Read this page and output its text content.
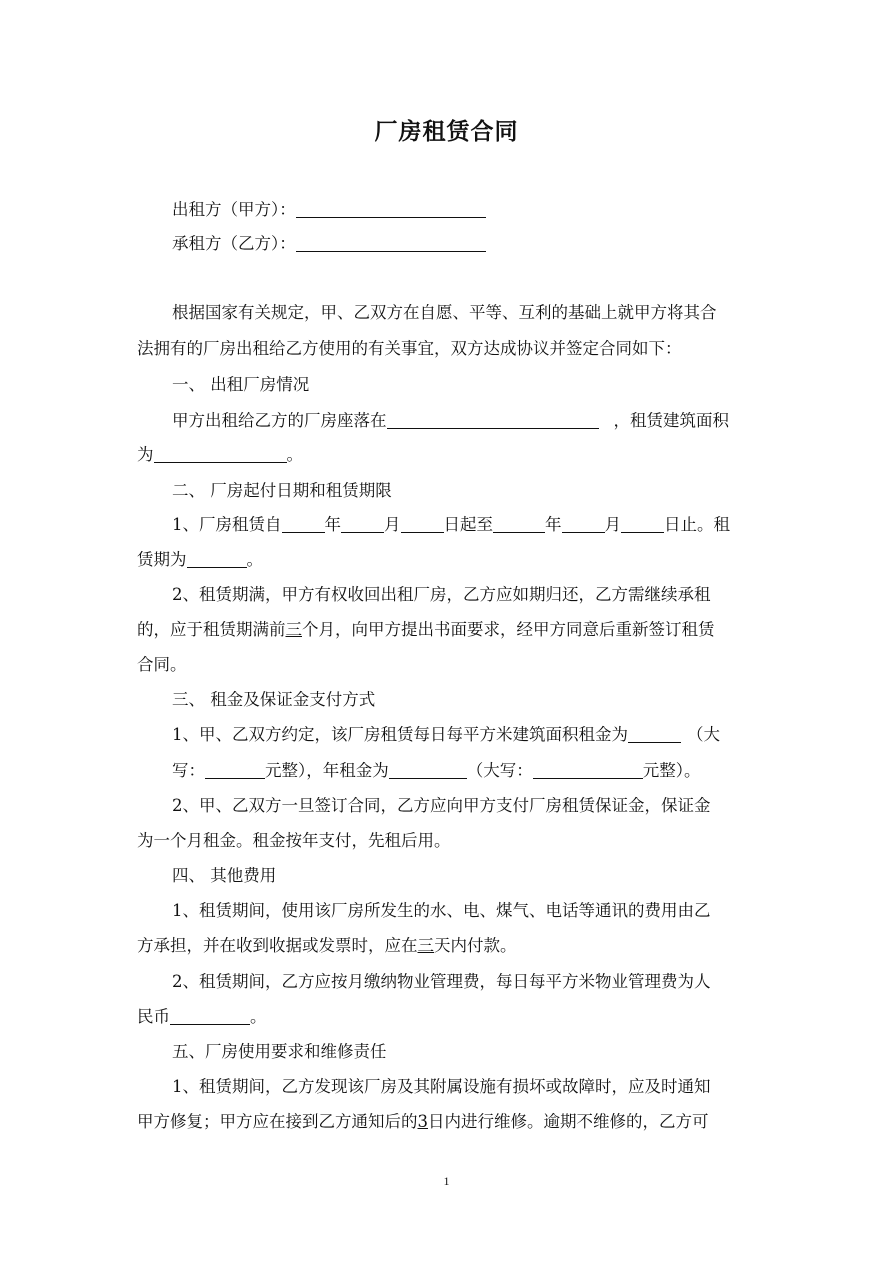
厂房租赁合同
出租方（甲方）：
承租方（乙方）：
根据国家有关规定，甲、乙双方在自愿、平等、互利的基础上就甲方将其合
法拥有的厂房出租给乙方使用的有关事宜，双方达成协议并签定合同如下：
一、 出租厂房情况
甲方出租给乙方的厂房座落在	，租赁建筑面积
为	。
二、 厂房起付日期和租赁期限
1、厂房租赁自	年	月	日起至	年	月	日止。租
赁期为	。
2、租赁期满，甲方有权收回出租厂房，乙方应如期归还，乙方需继续承租
的，应于租赁期满前三个月，向甲方提出书面要求，经甲方同意后重新签订租赁
合同。
三、 租金及保证金支付方式
1、甲、乙双方约定，该厂房租赁每日每平方米建筑面积租金为	（大
写：	元整），年租金为	（大写：	元整）。
2、甲、乙双方一旦签订合同，乙方应向甲方支付厂房租赁保证金，保证金
为一个月租金。租金按年支付，先租后用。
四、 其他费用
1、租赁期间，使用该厂房所发生的水、电、煤气、电话等通讯的费用由乙
方承担，并在收到收据或发票时，应在三天内付款。
2、租赁期间，乙方应按月缴纳物业管理费，每日每平方米物业管理费为人
民币	。
五、厂房使用要求和维修责任
1、租赁期间，乙方发现该厂房及其附属设施有损坏或故障时，应及时通知
甲方修复；甲方应在接到乙方通知后的3日内进行维修。逾期不维修的，乙方可
1
